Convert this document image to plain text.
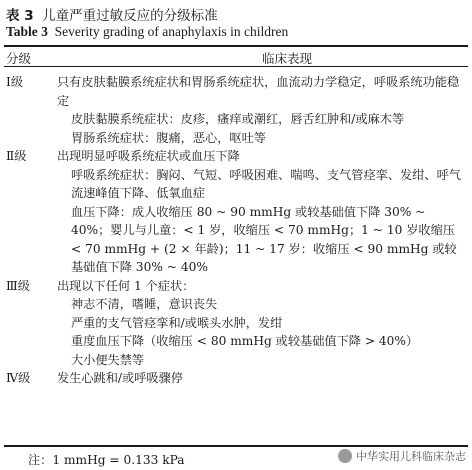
表 3 儿童严重过敏反应的分级标准
Table 3 Severity grading of anaphylaxis in children
分级	临床表现
Ⅰ级	只有皮肤黏膜系统症状和胃肠系统症状，血流动力学稳定，呼吸系统功能稳定
皮肤黏膜系统症状：皮疹，瘙痒或潮红，唇舌红肿和/或麻木等
胃肠系统症状：腹痛，恶心，呕吐等
Ⅱ级	出现明显呼吸系统症状或血压下降
呼吸系统症状：胸闷、气短、呼吸困难、喘鸣、支气管痉挛、发绀、呼气流速峰值下降、低氧血症
血压下降：成人收缩压 80 ~ 90 mmHg 或较基础值下降 30% ~ 40%；婴儿与儿童：< 1 岁，收缩压 < 70 mmHg；1 ~ 10 岁收缩压 < 70 mmHg + (2 × 年龄)；11 ~ 17 岁：收缩压 < 90 mmHg 或较基础值下降 30% ~ 40%
Ⅲ级	出现以下任何 1 个症状：
神志不清，嗜睡，意识丧失
严重的支气管痉挛和/或喉头水肿，发绀
重度血压下降（收缩压 < 80 mmHg 或较基础值下降 > 40%）
大小便失禁等
Ⅳ级	发生心跳和/或呼吸骤停
注：1 mmHg = 0.133 kPa	中华实用儿科临床杂志
